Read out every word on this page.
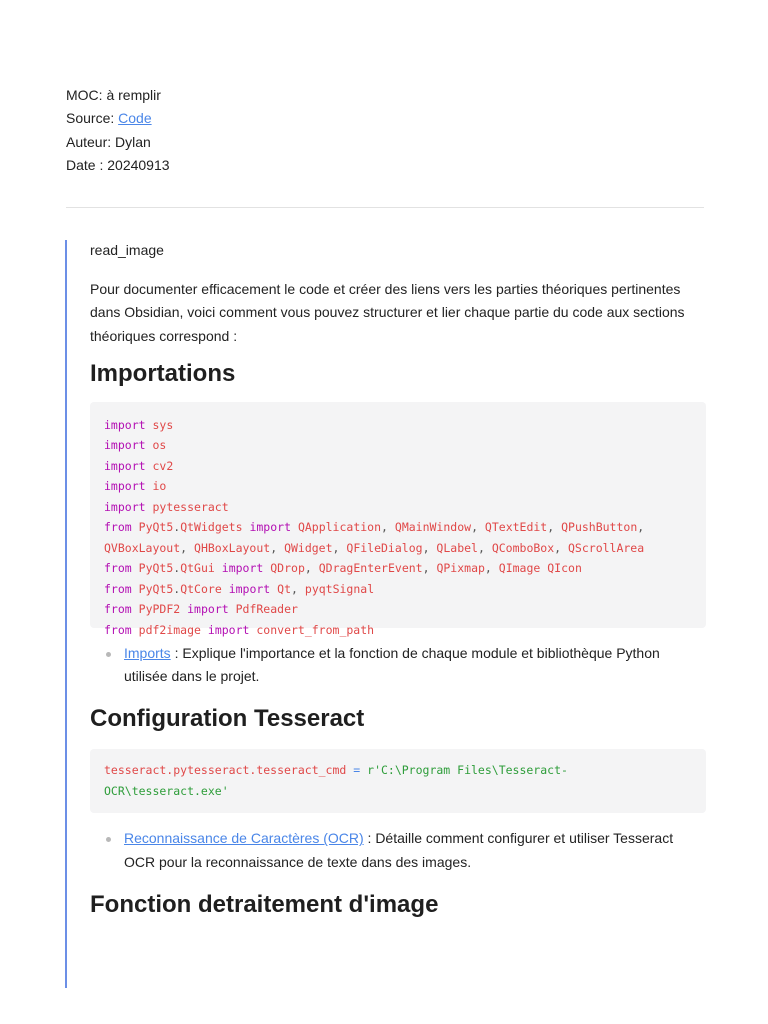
MOC: à remplir
Source: Code
Auteur: Dylan
Date : 20240913

read_image

Pour documenter efficacement le code et créer des liens vers les parties théoriques pertinentes dans Obsidian, voici comment vous pouvez structurer et lier chaque partie du code aux sections théoriques correspond :

Importations
import sys
import os
import cv2
import io
import pytesseract
from PyQt5.QtWidgets import QApplication, QMainWindow, QTextEdit, QPushButton,
QVBoxLayout, QHBoxLayout, QWidget, QFileDialog, QLabel, QComboBox, QScrollArea
from PyQt5.QtGui import QDrop, QDragEnterEvent, QPixmap, QImage QIcon
from PyQt5.QtCore import Qt, pyqtSignal
from PyPDF2 import PdfReader
from pdf2image import convert_from_path
Imports : Explique l'importance et la fonction de chaque module et bibliothèque Python utilisée dans le projet.
Configuration Tesseract
tesseract.pytesseract.tesseract_cmd = r'C:\Program Files\Tesseract-
OCR\tesseract.exe'
Reconnaissance de Caractères (OCR) : Détaille comment configurer et utiliser Tesseract OCR pour la reconnaissance de texte dans des images.
Fonction detraitement d'image
